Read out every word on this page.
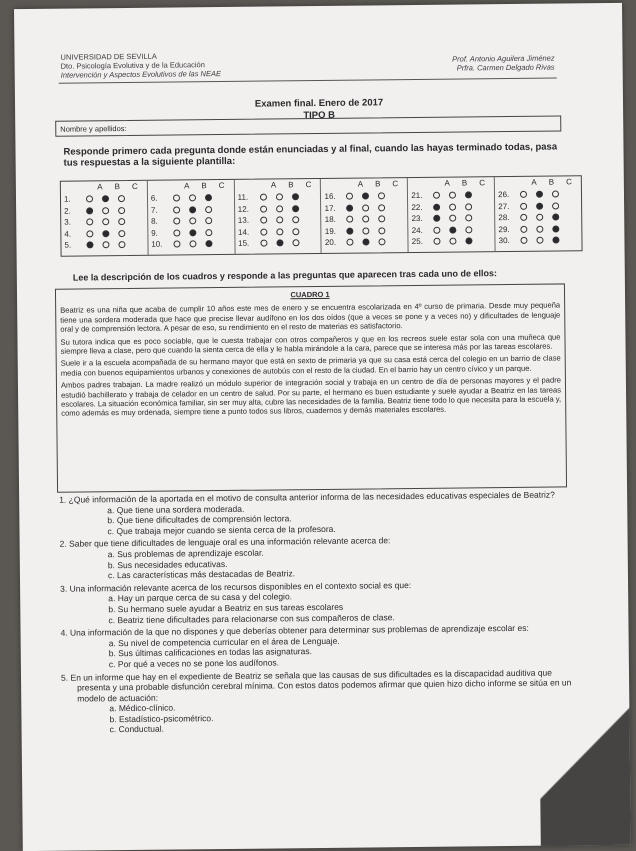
UNIVERSIDAD DE SEVILLA
Dto. Psicología Evolutiva y de la Educación
Intervención y Aspectos Evolutivos de las NEAE
Prof. Antonio Aguilera Jiménez
Prfra. Carmen Delgado Rivas
Examen final. Enero de 2017
TIPO B
Nombre y apellidos:
Responde primero cada pregunta donde están enunciadas y al final, cuando las hayas terminado todas, pasa tus respuestas a la siguiente plantilla:
A B C
1.
2.
3.
4.
5.
A B C
6.
7.
8.
9.
10.
A B C
11.
12.
13.
14.
15.
A B C
16.
17.
18.
19.
20.
A B C
21.
22.
23.
24.
25.
A B C
26.
27.
28.
29.
30.
Lee la descripción de los cuadros y responde a las preguntas que aparecen tras cada uno de ellos:
CUADRO 1

Beatriz es una niña que acaba de cumplir 10 años este mes de enero y se encuentra escolarizada en 4º curso de primaria. Desde muy pequeña tiene una sordera moderada que hace que precise llevar audífono en los dos oídos (que a veces se pone y a veces no) y dificultades de lenguaje oral y de comprensión lectora. A pesar de eso, su rendimiento en el resto de materias es satisfactorio.

Su tutora indica que es poco sociable, que le cuesta trabajar con otros compañeros y que en los recreos suele estar sola con una muñeca que siempre lleva a clase, pero que cuando la sienta cerca de ella y le habla mirándole a la cara, parece que se interesa más por las tareas escolares.

Suele ir a la escuela acompañada de su hermano mayor que está en sexto de primaria ya que su casa está cerca del colegio en un barrio de clase media con buenos equipamientos urbanos y conexiones de autobús con el resto de la ciudad. En el barrio hay un centro cívico y un parque.

Ambos padres trabajan. La madre realizó un módulo superior de integración social y trabaja en un centro de día de personas mayores y el padre estudió bachillerato y trabaja de celador en un centro de salud. Por su parte, el hermano es buen estudiante y suele ayudar a Beatriz en las tareas escolares. La situación económica familiar, sin ser muy alta, cubre las necesidades de la familia. Beatriz tiene todo lo que necesita para la escuela y, como además es muy ordenada, siempre tiene a punto todos sus libros, cuadernos y demás materiales escolares.

1. ¿Qué información de la aportada en el motivo de consulta anterior informa de las necesidades educativas especiales de Beatriz?
a. Que tiene una sordera moderada.
b. Que tiene dificultades de comprensión lectora.
c. Que trabaja mejor cuando se sienta cerca de la profesora.
2. Saber que tiene dificultades de lenguaje oral es una información relevante acerca de:
a. Sus problemas de aprendizaje escolar.
b. Sus necesidades educativas.
c. Las características más destacadas de Beatriz.
3. Una información relevante acerca de los recursos disponibles en el contexto social es que:
a. Hay un parque cerca de su casa y del colegio.
b. Su hermano suele ayudar a Beatriz en sus tareas escolares
c. Beatriz tiene dificultades para relacionarse con sus compañeros de clase.
4. Una información de la que no dispones y que deberías obtener para determinar sus problemas de aprendizaje escolar es:
a. Su nivel de competencia curricular en el área de Lenguaje.
b. Sus últimas calificaciones en todas las asignaturas.
c. Por qué a veces no se pone los audífonos.
5. En un informe que hay en el expediente de Beatriz se señala que las causas de sus dificultades es la discapacidad auditiva que presenta y una probable disfunción cerebral mínima. Con estos datos podemos afirmar que quien hizo dicho informe se sitúa en un modelo de actuación:
a. Médico-clínico.
b. Estadístico-psicométrico.
c. Conductual.
